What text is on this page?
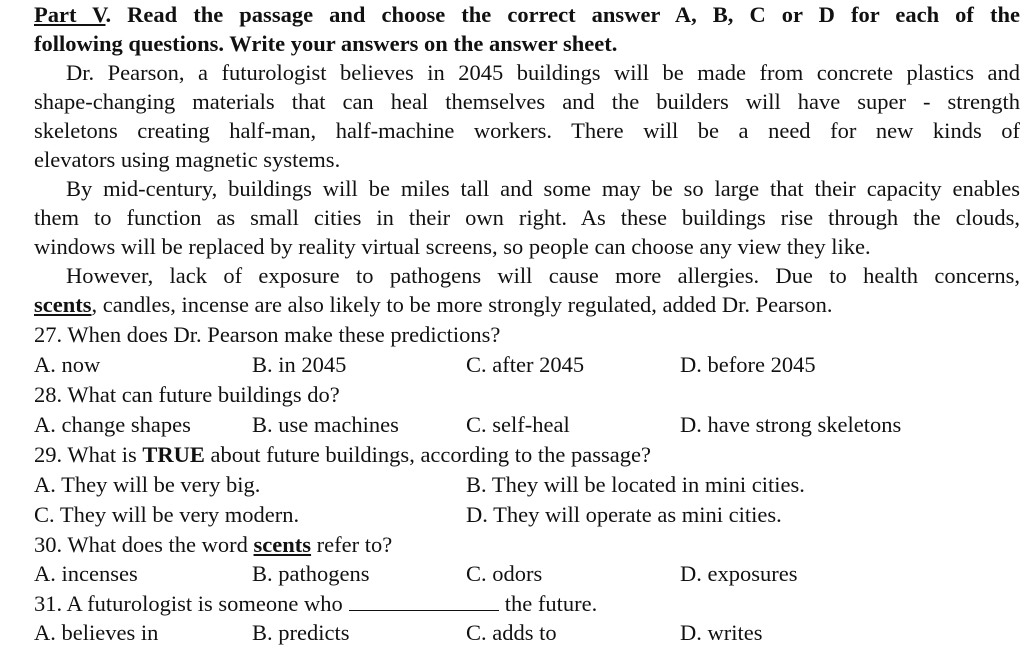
Part V. Read the passage and choose the correct answer A, B, C or D for each of the
following questions. Write your answers on the answer sheet.
Dr. Pearson, a futurologist believes in 2045 buildings will be made from concrete plastics and
shape-changing materials that can heal themselves and the builders will have super - strength
skeletons creating half-man, half-machine workers. There will be a need for new kinds of
elevators using magnetic systems.
By mid-century, buildings will be miles tall and some may be so large that their capacity enables
them to function as small cities in their own right. As these buildings rise through the clouds,
windows will be replaced by reality virtual screens, so people can choose any view they like.
However, lack of exposure to pathogens will cause more allergies. Due to health concerns,
scents, candles, incense are also likely to be more strongly regulated, added Dr. Pearson.
27. When does Dr. Pearson make these predictions?
A. now	B. in 2045	C. after 2045	D. before 2045
28. What can future buildings do?
A. change shapes	B. use machines	C. self-heal	D. have strong skeletons
29. What is TRUE about future buildings, according to the passage?
A. They will be very big.	B. They will be located in mini cities.
C. They will be very modern.	D. They will operate as mini cities.
30. What does the word scents refer to?
A. incenses	B. pathogens	C. odors	D. exposures
31. A futurologist is someone who	the future.
A. believes in	B. predicts	C. adds to	D. writes
